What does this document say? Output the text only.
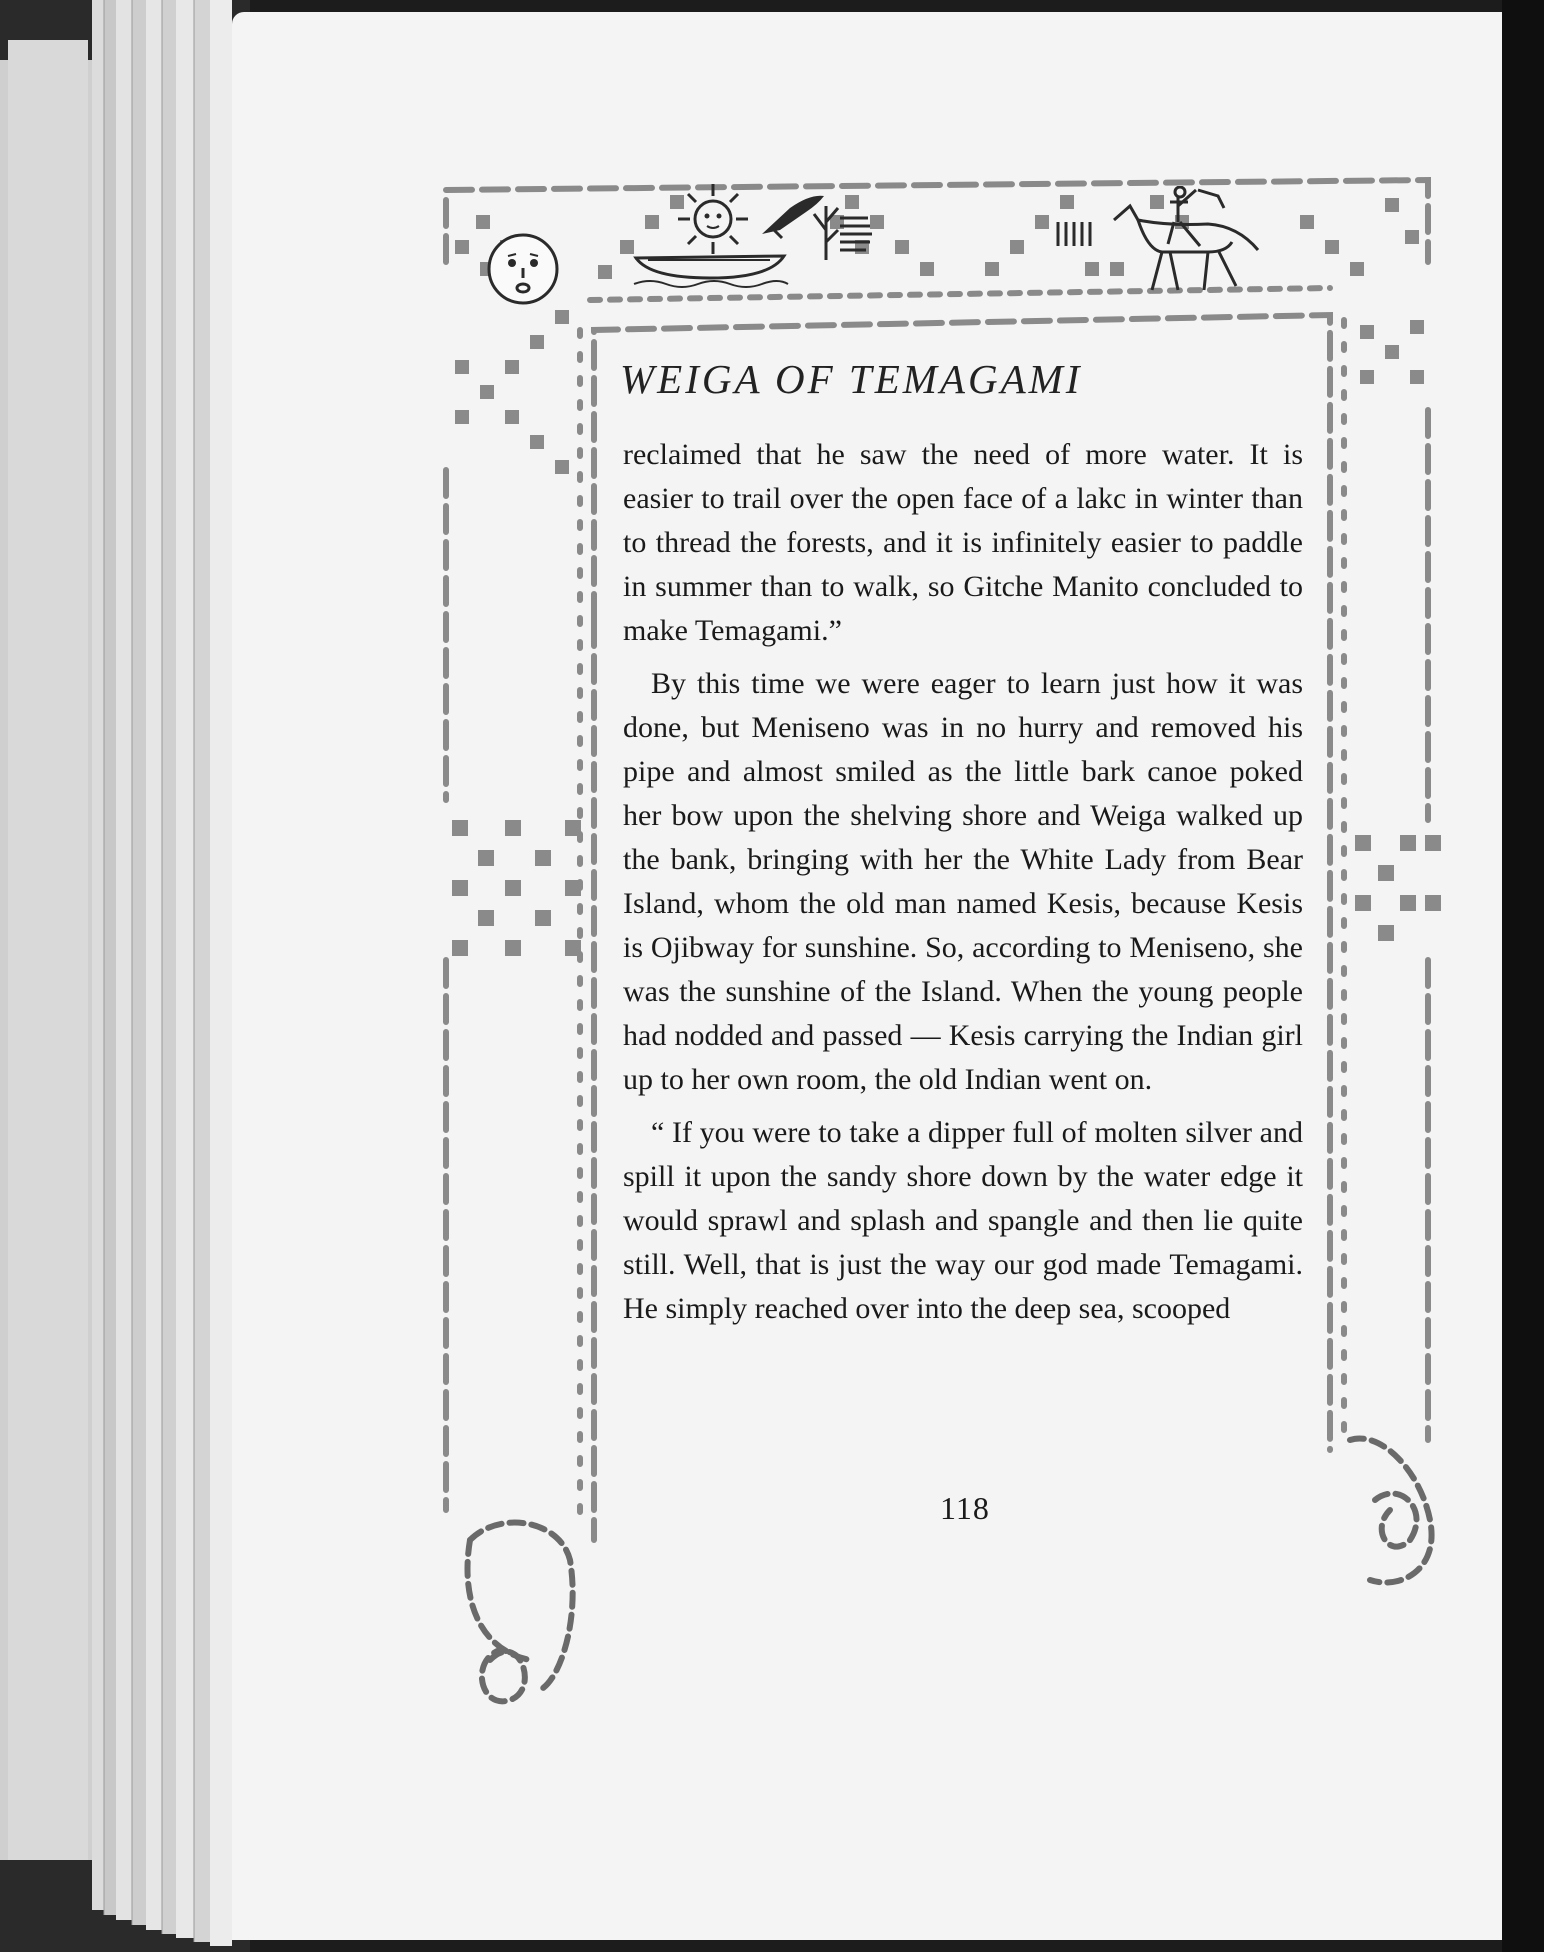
WEIGA OF TEMAGAMI

reclaimed that he saw the need of more water. It is easier to trail over the open face of a lakc in winter than to thread the forests, and it is infinitely easier to paddle in summer than to walk, so Gitche Manito concluded to make Temagami.”

By this time we were eager to learn just how it was done, but Meniseno was in no hurry and removed his pipe and almost smiled as the little bark canoe poked her bow upon the shelving shore and Weiga walked up the bank, bringing with her the White Lady from Bear Island, whom the old man named Kesis, because Kesis is Ojibway for sunshine. So, according to Meniseno, she was the sunshine of the Island. When the young people had nodded and passed — Kesis carrying the Indian girl up to her own room, the old Indian went on.

“ If you were to take a dipper full of molten silver and spill it upon the sandy shore down by the water edge it would sprawl and splash and spangle and then lie quite still. Well, that is just the way our god made Temagami. He simply reached over into the deep sea, scooped

118
